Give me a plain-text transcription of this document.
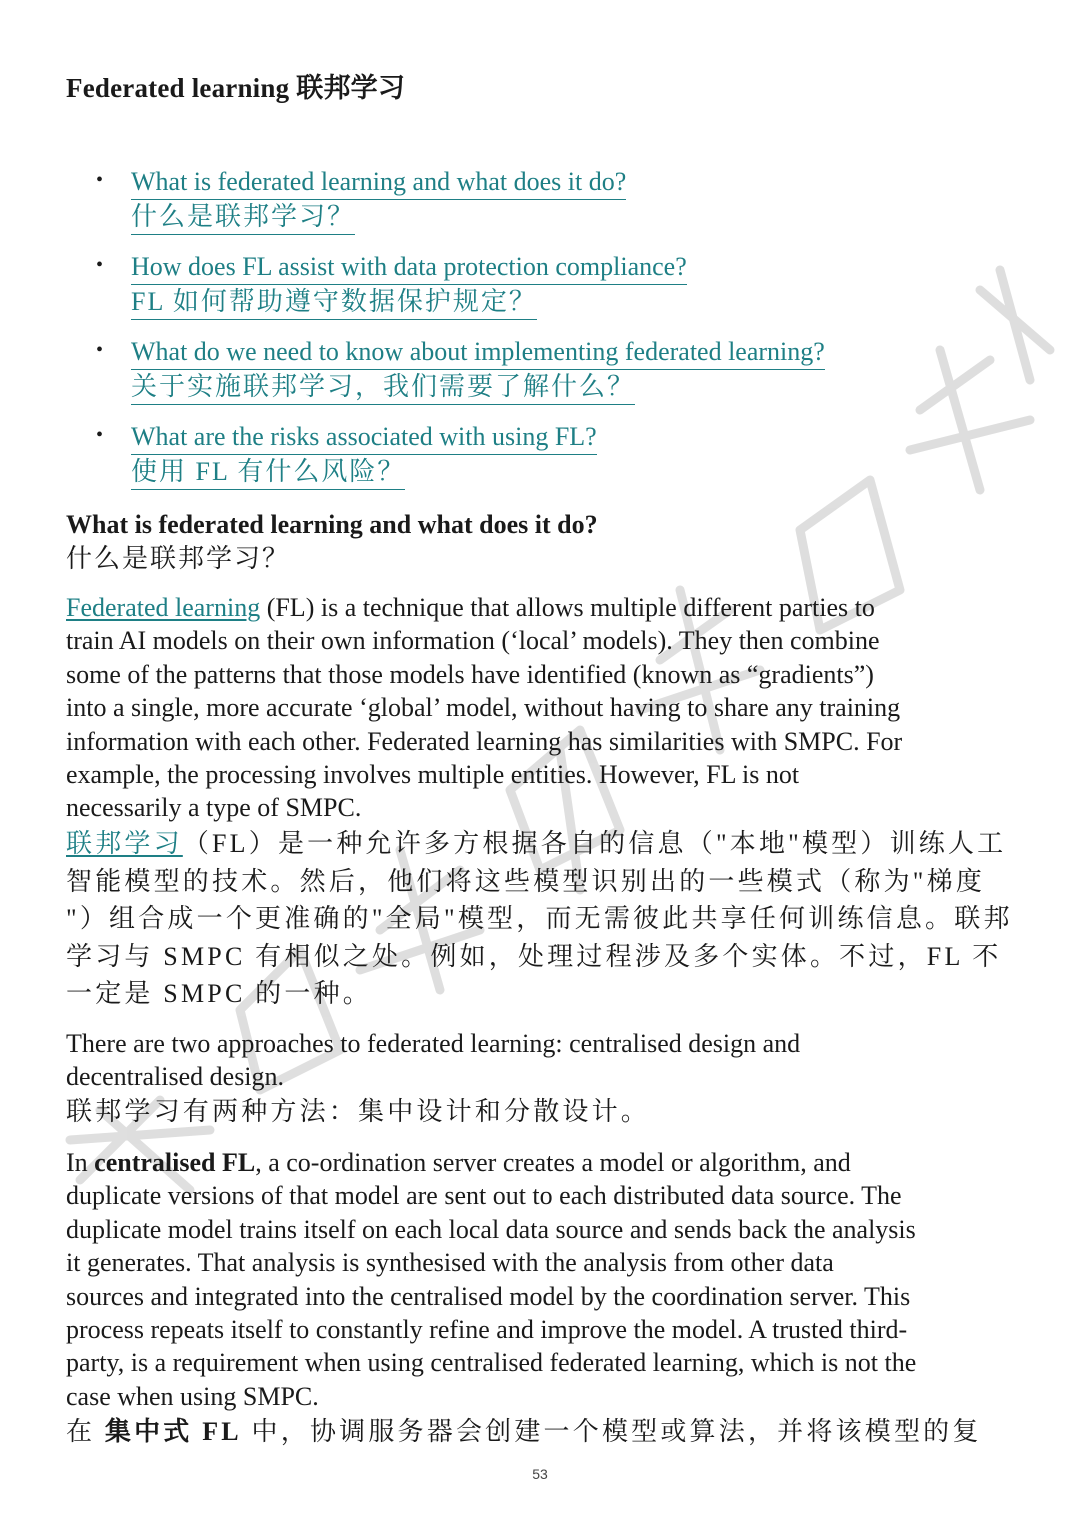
Federated learning 联邦学习
• What is federated learning and what does it do?
什么是联邦学习？
• How does FL assist with data protection compliance?
FL 如何帮助遵守数据保护规定？
• What do we need to know about implementing federated learning?
关于实施联邦学习，我们需要了解什么？
• What are the risks associated with using FL?
使用 FL 有什么风险？
What is federated learning and what does it do?
什么是联邦学习？
Federated learning (FL) is a technique that allows multiple different parties to
train AI models on their own information (‘local’ models). They then combine
some of the patterns that those models have identified (known as “gradients”)
into a single, more accurate ‘global’ model, without having to share any training
information with each other. Federated learning has similarities with SMPC. For
example, the processing involves multiple entities. However, FL is not
necessarily a type of SMPC.
联邦学习（FL）是一种允许多方根据各自的信息（"本地"模型）训练人工
智能模型的技术。然后，他们将这些模型识别出的一些模式（称为"梯度
"）组合成一个更准确的"全局"模型，而无需彼此共享任何训练信息。联邦
学习与 SMPC 有相似之处。例如，处理过程涉及多个实体。不过，FL 不
一定是 SMPC 的一种。
There are two approaches to federated learning: centralised design and
decentralised design.
联邦学习有两种方法：集中设计和分散设计。
In centralised FL, a co-ordination server creates a model or algorithm, and
duplicate versions of that model are sent out to each distributed data source. The
duplicate model trains itself on each local data source and sends back the analysis
it generates. That analysis is synthesised with the analysis from other data
sources and integrated into the centralised model by the coordination server. This
process repeats itself to constantly refine and improve the model. A trusted third-
party, is a requirement when using centralised federated learning, which is not the
case when using SMPC.
在 集中式 FL 中，协调服务器会创建一个模型或算法，并将该模型的复
53
